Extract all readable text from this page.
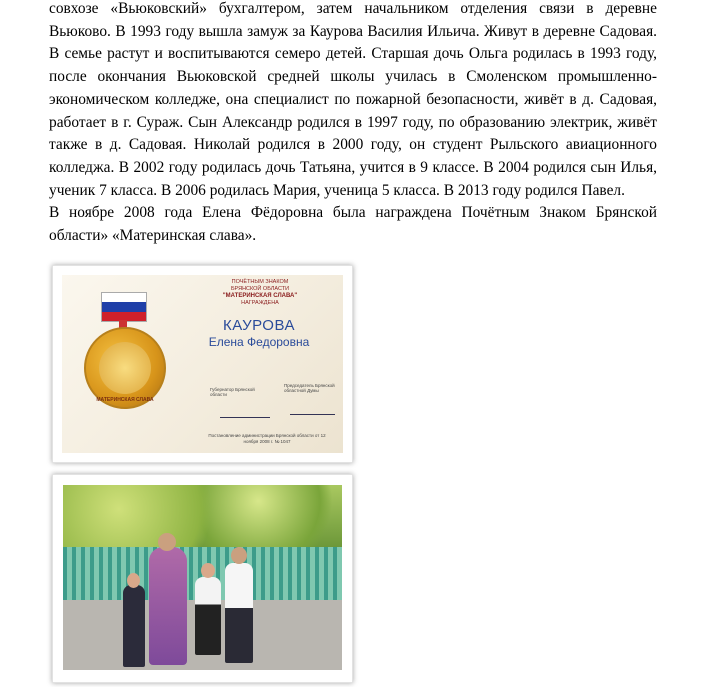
совхозе «Вьюковский» бухгалтером, затем начальником отделения связи в деревне Вьюково. В 1993 году вышла замуж за Каурова Василия Ильича. Живут в деревне Садовая. В семье растут и воспитываются семеро детей. Старшая дочь Ольга родилась в 1993 году, после окончания Вьюковской средней школы училась в Смоленском промышленно-экономическом колледже, она специалист по пожарной безопасности, живёт в д. Садовая, работает в г. Сураж. Сын Александр родился в 1997 году, по образованию электрик, живёт также в д. Садовая. Николай родился в 2000 году, он студент Рыльского авиационного колледжа. В 2002 году родилась дочь Татьяна, учится в 9 классе. В 2004 родился сын Илья, ученик 7 класса. В 2006 родилась Мария, ученица 5 класса. В 2013 году родился Павел.

В ноябре 2008 года Елена Фёдоровна была награждена Почётным Знаком Брянской области» «Материнская слава».

МАТЕРИНСКАЯ СЛАВА
ПОЧЁТНЫМ ЗНАКОМ
БРЯНСКОЙ ОБЛАСТИ
"МАТЕРИНСКАЯ СЛАВА"
НАГРАЖДЕНА
КАУРОВА
Елена Федоровна
Губернатор Брянской области
Председатель Брянской областной Думы
Постановление администрации Брянской области от 12 ноября 2008 г. № 1047
